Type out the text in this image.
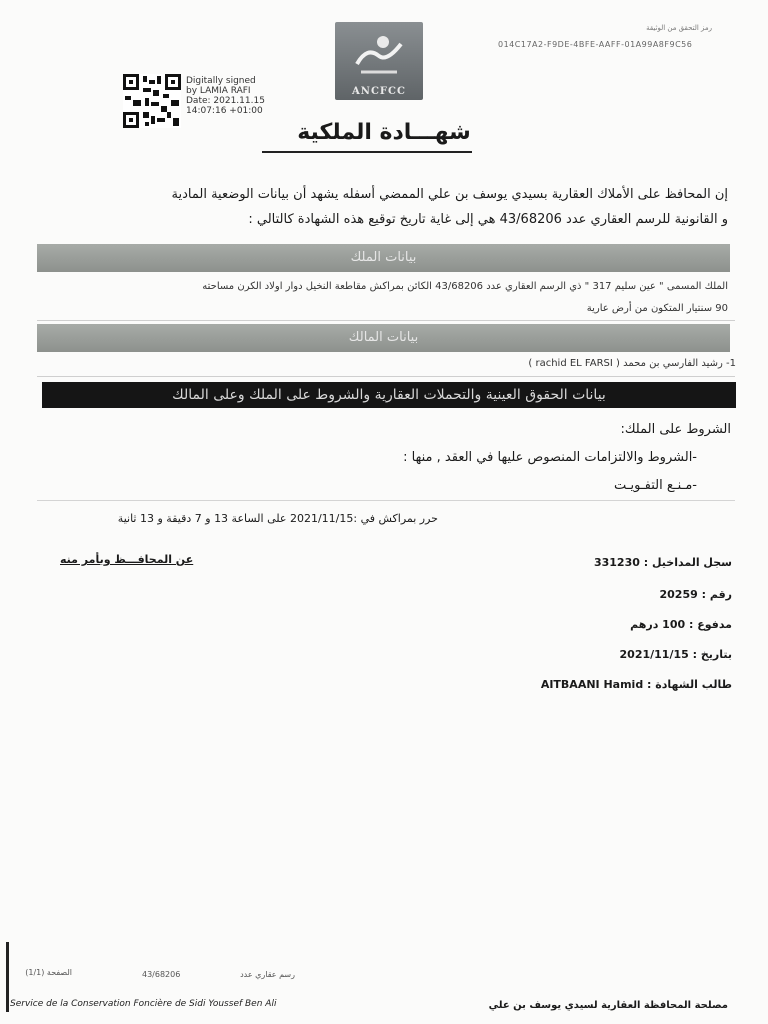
رمز التحقق من الوثيقة
014C17A2-F9DE-4BFE-AAFF-01A99A8F9C56
ANCFCC
Digitally signed
by LAMIA RAFI
Date: 2021.11.15
14:07:16 +01:00
شهـــادة الملكية
إن المحافظ على الأملاك العقارية بسيدي يوسف بن علي الممضي أسفله يشهد أن بيانات الوضعية المادية
و القانونية للرسم العقاري عدد 43/68206 هي إلى غاية تاريخ توقيع هذه الشهادة كالتالي :
بيانات الملك
الملك المسمى " عين سليم 317 " ذي الرسم العقاري عدد 43/68206 الكائن بمراكش مقاطعة النخيل دوار اولاد الكرن مساحته
90 سنتيار المتكون من أرض عارية
بيانات المالك
1- رشيد الفارسي بن محمد ( rachid EL FARSI )
بيانات الحقوق العينية والتحملات العقارية والشروط على الملك وعلى المالك
الشروط على الملك:
-الشروط والالتزامات المنصوص عليها في العقد , منها :
-مـنـع التفـويـت
حرر بمراكش في :2021/11/15 على الساعة 13 و 7 دقيقة و 13 ثانية
سجل المداخيل : 331230
رقم : 20259
مدفوع : 100 درهم
بتاريخ : 2021/11/15
طالب الشهادة : AITBAANI Hamid
عن المحافـــظ وبأمر منه
الصفحة (1/1)	43/68206	رسم عقاري عدد
Service de la Conservation Foncière de Sidi Youssef Ben Ali	مصلحة المحافظة العقارية لسيدي يوسف بن علي
